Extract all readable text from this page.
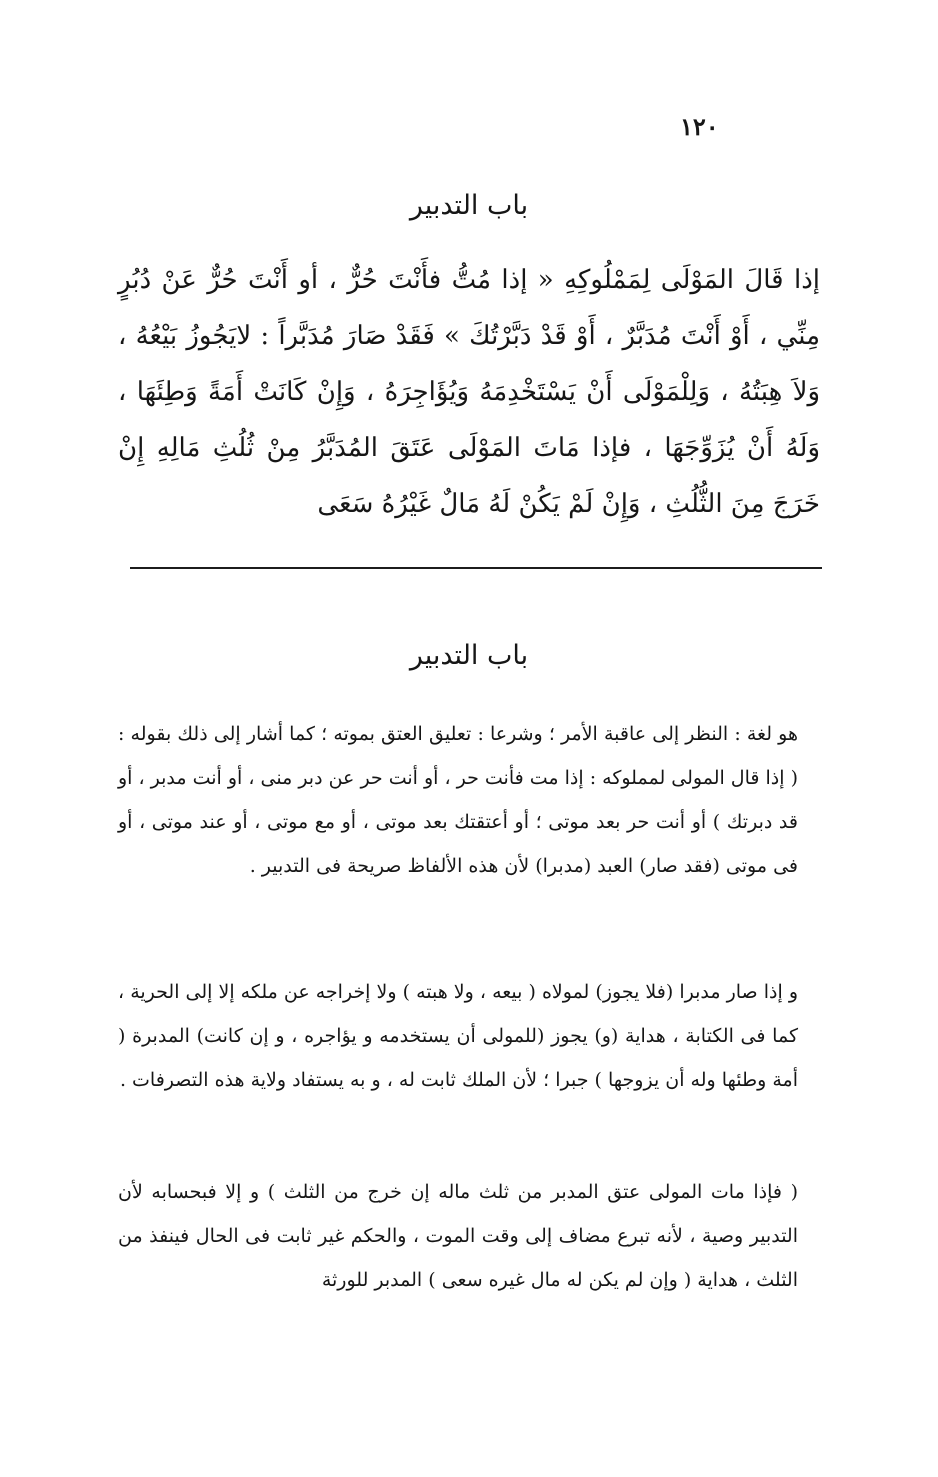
١٢٠
باب التدبير

إذا قَالَ المَوْلَى لِمَمْلُوكِهِ « إذا مُتُّ فأَنْتَ حُرٌّ ، أو أَنْتَ حُرٌّ عَنْ دُبُرٍ مِنِّي ، أَوْ أَنْتَ مُدَبَّرٌ ، أَوْ قَدْ دَبَّرْتُكَ » فَقَدْ صَارَ مُدَبَّراً : لايَجُوزُ بَيْعُهُ ، وَلاَ هِبَتُهُ ، وَلِلْمَوْلَى أَنْ يَسْتَخْدِمَهُ وَيُؤَاجِرَهُ ، وَإِنْ كَانَتْ أَمَةً وَطِئَهَا ، وَلَهُ أَنْ يُزَوِّجَهَا ، فإذا مَاتَ المَوْلَى عَتَقَ المُدَبَّرُ مِنْ ثُلُثِ مَالِهِ إِنْ خَرَجَ مِنَ الثُّلُثِ ، وَإِنْ لَمْ يَكُنْ لَهُ مَالٌ غَيْرُهُ سَعَى

باب التدبير

هو لغة : النظر إلى عاقبة الأمر ؛ وشرعا : تعليق العتق بموته ؛ كما أشار إلى ذلك بقوله : ( إذا قال المولى لمملوكه : إذا مت فأنت حر ، أو أنت حر عن دبر منى ، أو أنت مدبر ، أو قد دبرتك ) أو أنت حر بعد موتى ؛ أو أعتقتك بعد موتى ، أو مع موتى ، أو عند موتى ، أو فى موتى (فقد صار) العبد (مدبرا) لأن هذه الألفاظ صريحة فى التدبير .

و إذا صار مدبرا (فلا يجوز) لمولاه ( بيعه ، ولا هبته ) ولا إخراجه عن ملكه إلا إلى الحرية ، كما فى الكتابة ، هداية (و) يجوز (للمولى أن يستخدمه و يؤاجره ، و إن كانت) المدبرة ( أمة وطئها وله أن يزوجها ) جبرا ؛ لأن الملك ثابت له ، و به يستفاد ولاية هذه التصرفات .

( فإذا مات المولى عتق المدبر من ثلث ماله إن خرج من الثلث ) و إلا فبحسابه لأن التدبير وصية ، لأنه تبرع مضاف إلى وقت الموت ، والحكم غير ثابت فى الحال فينفذ من الثلث ، هداية ( وإن لم يكن له مال غيره سعى ) المدبر للورثة
